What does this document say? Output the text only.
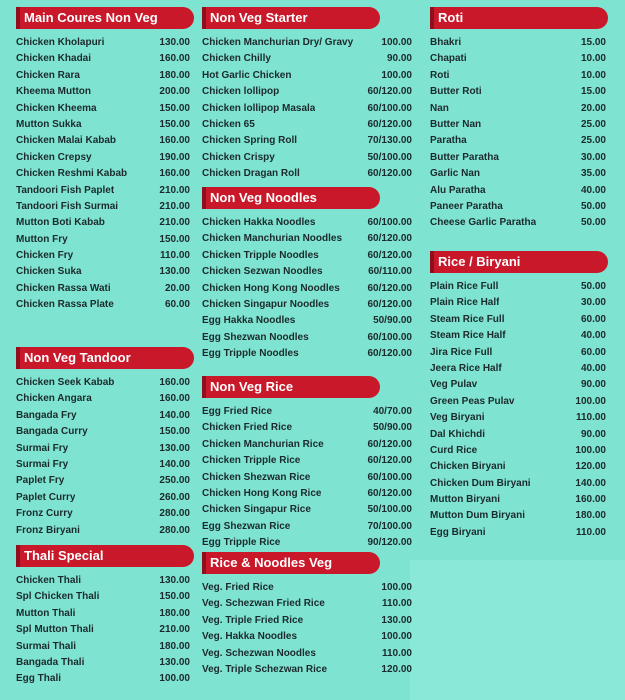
Main Coures Non Veg
Chicken Kholapuri	130.00
Chicken Khadai	160.00
Chicken Rara	180.00
Kheema Mutton	200.00
Chicken Kheema	150.00
Mutton Sukka	150.00
Chicken Malai Kabab	160.00
Chicken Crepsy	190.00
Chicken Reshmi Kabab	160.00
Tandoori Fish Paplet	210.00
Tandoori Fish Surmai	210.00
Mutton Boti Kabab	210.00
Mutton Fry	150.00
Chicken Fry	110.00
Chicken Suka	130.00
Chicken Rassa Wati	20.00
Chicken Rassa Plate	60.00
Non Veg Tandoor
Chicken Seek Kabab	160.00
Chicken Angara	160.00
Bangada Fry	140.00
Bangada Curry	150.00
Surmai Fry	130.00
Surmai Fry	140.00
Paplet Fry	250.00
Paplet Curry	260.00
Fronz Curry	280.00
Fronz Biryani	280.00
Thali Special
Chicken Thali	130.00
Spl Chicken Thali	150.00
Mutton Thali	180.00
Spl Mutton Thali	210.00
Surmai Thali	180.00
Bangada Thali	130.00
Egg Thali	100.00
Non Veg Starter
Chicken Manchurian Dry/ Gravy	100.00
Chicken Chilly	90.00
Hot Garlic Chicken	100.00
Chicken lollipop	60/120.00
Chicken lollipop Masala	60/100.00
Chicken 65	60/120.00
Chicken Spring Roll	70/130.00
Chicken Crispy	50/100.00
Chicken Dragan Roll	60/120.00
Non Veg Noodles
Chicken Hakka Noodles	60/100.00
Chicken Manchurian Noodles	60/120.00
Chicken Tripple Noodles	60/120.00
Chicken Sezwan Noodles	60/110.00
Chicken Hong Kong Noodles	60/120.00
Chicken Singapur Noodles	60/120.00
Egg Hakka Noodles	50/90.00
Egg Shezwan Noodles	60/100.00
Egg Tripple Noodles	60/120.00
Non Veg Rice
Egg Fried Rice	40/70.00
Chicken Fried Rice	50/90.00
Chicken Manchurian Rice	60/120.00
Chicken Tripple Rice	60/120.00
Chicken Shezwan Rice	60/100.00
Chicken Hong Kong Rice	60/120.00
Chicken Singapur Rice	50/100.00
Egg Shezwan Rice	70/100.00
Egg Tripple Rice	90/120.00
Rice & Noodles Veg
Veg. Fried Rice	100.00
Veg. Schezwan Fried Rice	110.00
Veg. Triple Fried Rice	130.00
Veg. Hakka Noodles	100.00
Veg. Schezwan Noodles	110.00
Veg. Triple Schezwan Rice	120.00
Roti
Bhakri	15.00
Chapati	10.00
Roti	10.00
Butter Roti	15.00
Nan	20.00
Butter Nan	25.00
Paratha	25.00
Butter Paratha	30.00
Garlic Nan	35.00
Alu Paratha	40.00
Paneer Paratha	50.00
Cheese Garlic Paratha	50.00
Rice / Biryani
Plain Rice Full	50.00
Plain Rice Half	30.00
Steam Rice Full	60.00
Steam Rice Half	40.00
Jira Rice Full	60.00
Jeera Rice Half	40.00
Veg Pulav	90.00
Green Peas Pulav	100.00
Veg Biryani	110.00
Dal Khichdi	90.00
Curd Rice	100.00
Chicken Biryani	120.00
Chicken Dum Biryani	140.00
Mutton Biryani	160.00
Mutton Dum Biryani	180.00
Egg Biryani	110.00
